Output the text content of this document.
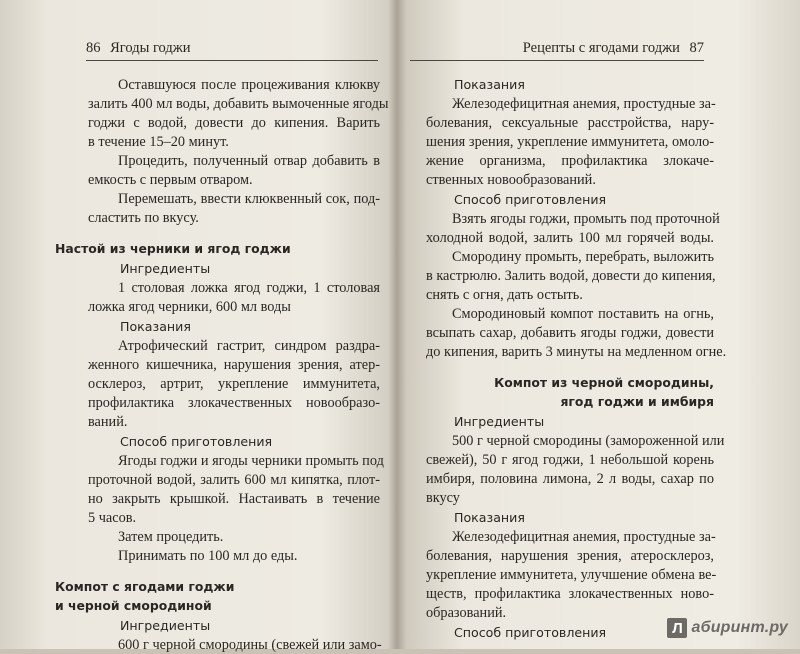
86 Ягоды годжи
Оставшуюся после процеживания клюкву
залить 400 мл воды, добавить вымоченные ягоды
годжи с водой, довести до кипения. Варить
в течение 15–20 минут.
Процедить, полученный отвар добавить в
емкость с первым отваром.
Перемешать, ввести клюквенный сок, под-
сластить по вкусу.
Настой из черники и ягод годжи
Ингредиенты
1 столовая ложка ягод годжи, 1 столовая
ложка ягод черники, 600 мл воды
Показания
Атрофический гастрит, синдром раздра-
женного кишечника, нарушения зрения, атер-
осклероз, артрит, укрепление иммунитета,
профилактика злокачественных новообразо-
ваний.
Способ приготовления
Ягоды годжи и ягоды черники промыть под
проточной водой, залить 600 мл кипятка, плот-
но закрыть крышкой. Настаивать в течение
5 часов.
Затем процедить.
Принимать по 100 мл до еды.
Компот с ягодами годжи
и черной смородиной
Ингредиенты
600 г черной смородины (свежей или замо-
Рецепты с ягодами годжи 87
Показания
Железодефицитная анемия, простудные за-
болевания, сексуальные расстройства, нару-
шения зрения, укрепление иммунитета, омоло-
жение организма, профилактика злокаче-
ственных новообразований.
Способ приготовления
Взять ягоды годжи, промыть под проточной
холодной водой, залить 100 мл горячей воды.
Смородину промыть, перебрать, выложить
в кастрюлю. Залить водой, довести до кипения,
снять с огня, дать остыть.
Смородиновый компот поставить на огнь,
всыпать сахар, добавить ягоды годжи, довести
до кипения, варить 3 минуты на медленном огне.
Компот из черной смородины,
ягод годжи и имбиря
Ингредиенты
500 г черной смородины (замороженной или
свежей), 50 г ягод годжи, 1 небольшой корень
имбиря, половина лимона, 2 л воды, сахар по
вкусу
Показания
Железодефицитная анемия, простудные за-
болевания, нарушения зрения, атеросклероз,
укрепление иммунитета, улучшение обмена ве-
ществ, профилактика злокачественных ново-
образований.
Способ приготовления	Л абиринт.ру
